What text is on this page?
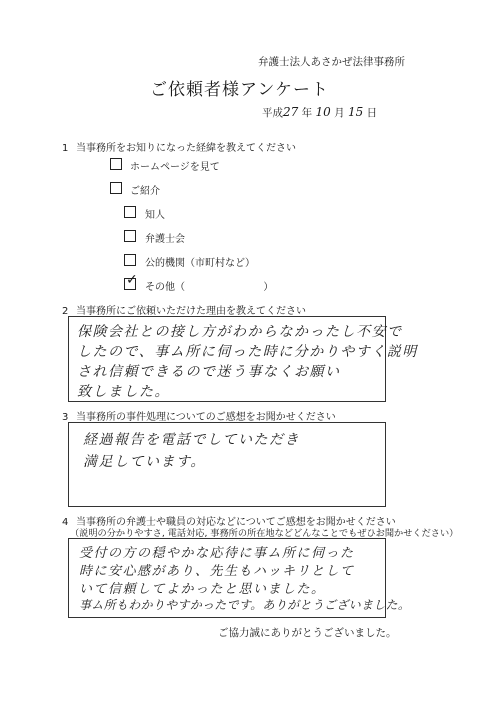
弁護士法人あさかぜ法律事務所
ご依頼者様アンケート
平成27 年 10 月 15 日
1 当事務所をお知りになった経緯を教えてください
ホームページを見て
ご紹介
知人
弁護士会
公的機関（市町村など）
✓ その他（	）
2 当事務所にご依頼いただけた理由を教えてください
保険会社との接し方がわからなかったし不安で
したので、事ム所に伺った時に分かりやすく説明
され信頼できるので迷う事なくお願い
致しました。
3 当事務所の事件処理についてのご感想をお聞かせください
経過報告を電話でしていただき
満足しています。
4 当事務所の弁護士や職員の対応などについてご感想をお聞かせください
（説明の分かりやすさ, 電話対応, 事務所の所在地などどんなことでもぜひお聞かせください）
受付の方の穏やかな応待に事ム所に伺った
時に安心感があり、先生もハッキリとして
いて信頼してよかったと思いました。
事ム所もわかりやすかったです。ありがとうございました。
ご協力誠にありがとうございました。
